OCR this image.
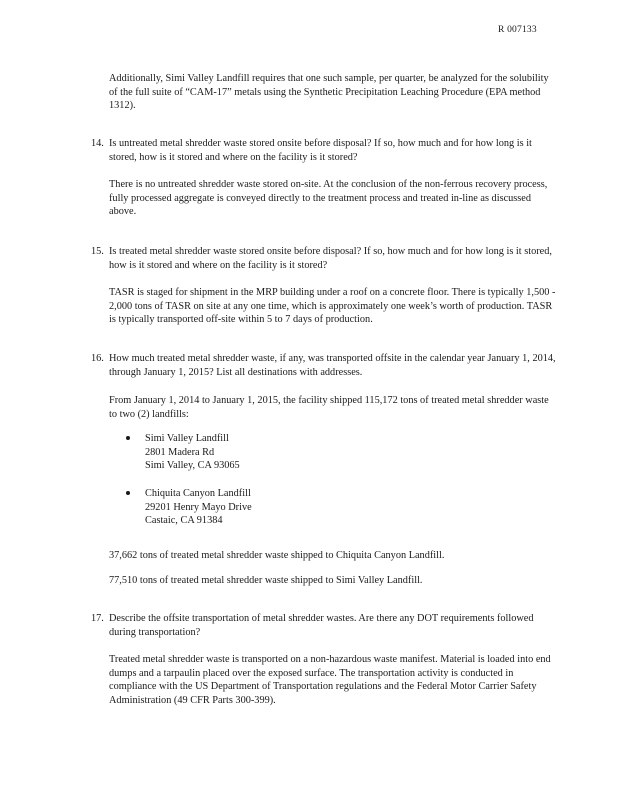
R 007133
Additionally, Simi Valley Landfill requires that one such sample, per quarter, be analyzed for the solubility of the full suite of “CAM-17” metals using the Synthetic Precipitation Leaching Procedure (EPA method 1312).
14. Is untreated metal shredder waste stored onsite before disposal? If so, how much and for how long is it stored, how is it stored and where on the facility is it stored?
There is no untreated shredder waste stored on-site. At the conclusion of the non-ferrous recovery process, fully processed aggregate is conveyed directly to the treatment process and treated in-line as discussed above.
15. Is treated metal shredder waste stored onsite before disposal? If so, how much and for how long is it stored, how is it stored and where on the facility is it stored?
TASR is staged for shipment in the MRP building under a roof on a concrete floor. There is typically 1,500 - 2,000 tons of TASR on site at any one time, which is approximately one week’s worth of production. TASR is typically transported off-site within 5 to 7 days of production.
16. How much treated metal shredder waste, if any, was transported offsite in the calendar year January 1, 2014, through January 1, 2015? List all destinations with addresses.
From January 1, 2014 to January 1, 2015, the facility shipped 115,172 tons of treated metal shredder waste to two (2) landfills:
Simi Valley Landfill
2801 Madera Rd
Simi Valley, CA 93065
Chiquita Canyon Landfill
29201 Henry Mayo Drive
Castaic, CA 91384
37,662 tons of treated metal shredder waste shipped to Chiquita Canyon Landfill.
77,510 tons of treated metal shredder waste shipped to Simi Valley Landfill.
17. Describe the offsite transportation of metal shredder wastes. Are there any DOT requirements followed during transportation?
Treated metal shredder waste is transported on a non-hazardous waste manifest. Material is loaded into end dumps and a tarpaulin placed over the exposed surface. The transportation activity is conducted in compliance with the US Department of Transportation regulations and the Federal Motor Carrier Safety Administration (49 CFR Parts 300-399).
